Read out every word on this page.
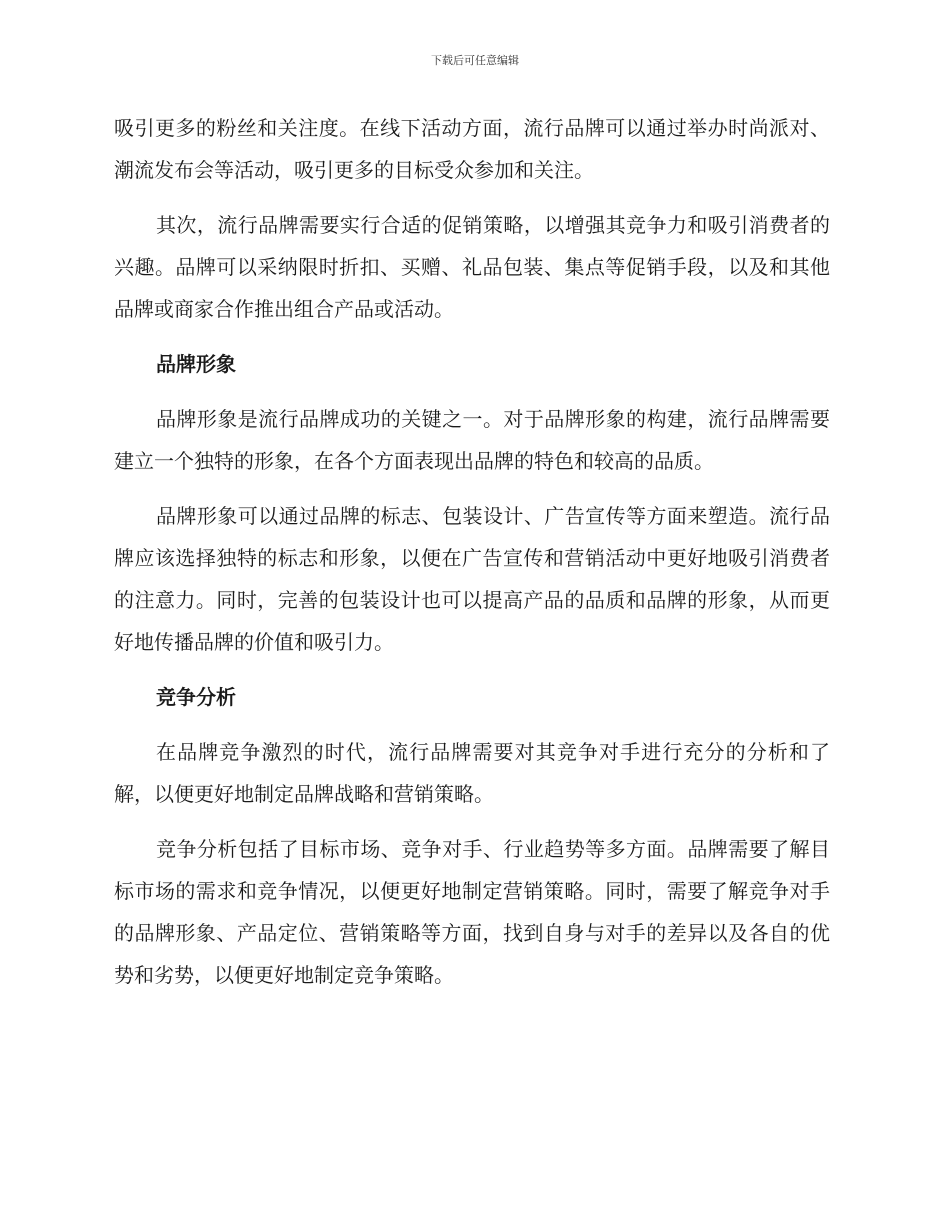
下载后可任意编辑

吸引更多的粉丝和关注度。在线下活动方面，流行品牌可以通过举办时尚派对、潮流发布会等活动，吸引更多的目标受众参加和关注。

其次，流行品牌需要实行合适的促销策略，以增强其竞争力和吸引消费者的兴趣。品牌可以采纳限时折扣、买赠、礼品包装、集点等促销手段，以及和其他品牌或商家合作推出组合产品或活动。

品牌形象

品牌形象是流行品牌成功的关键之一。对于品牌形象的构建，流行品牌需要建立一个独特的形象，在各个方面表现出品牌的特色和较高的品质。

品牌形象可以通过品牌的标志、包装设计、广告宣传等方面来塑造。流行品牌应该选择独特的标志和形象，以便在广告宣传和营销活动中更好地吸引消费者的注意力。同时，完善的包装设计也可以提高产品的品质和品牌的形象，从而更好地传播品牌的价值和吸引力。

竞争分析

在品牌竞争激烈的时代，流行品牌需要对其竞争对手进行充分的分析和了解，以便更好地制定品牌战略和营销策略。

竞争分析包括了目标市场、竞争对手、行业趋势等多方面。品牌需要了解目标市场的需求和竞争情况，以便更好地制定营销策略。同时，需要了解竞争对手的品牌形象、产品定位、营销策略等方面，找到自身与对手的差异以及各自的优势和劣势，以便更好地制定竞争策略。
